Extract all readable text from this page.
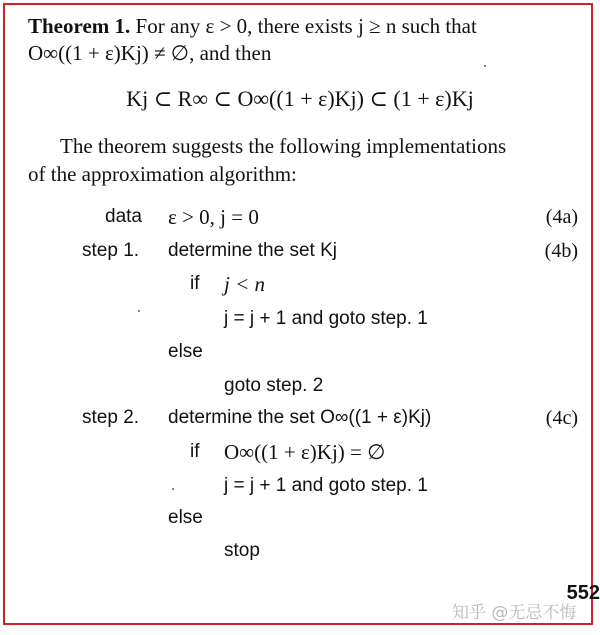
Theorem 1. For any ε > 0, there exists j ≥ n such that
O∞((1 + ε)Kj) ≠ ∅, and then
Kj ⊂ R∞ ⊂ O∞((1 + ε)Kj) ⊂ (1 + ε)Kj
The theorem suggests the following implementations
of the approximation algorithm:
data ε > 0, j = 0	(4a)
step 1. determine the set Kj	(4b)
if j < n
j = j + 1 and goto step. 1
else
goto step. 2
step 2. determine the set O∞((1 + ε)Kj)	(4c)
if O∞((1 + ε)Kj) = ∅
j = j + 1 and goto step. 1
else
stop
552
知乎 @无忌不悔
